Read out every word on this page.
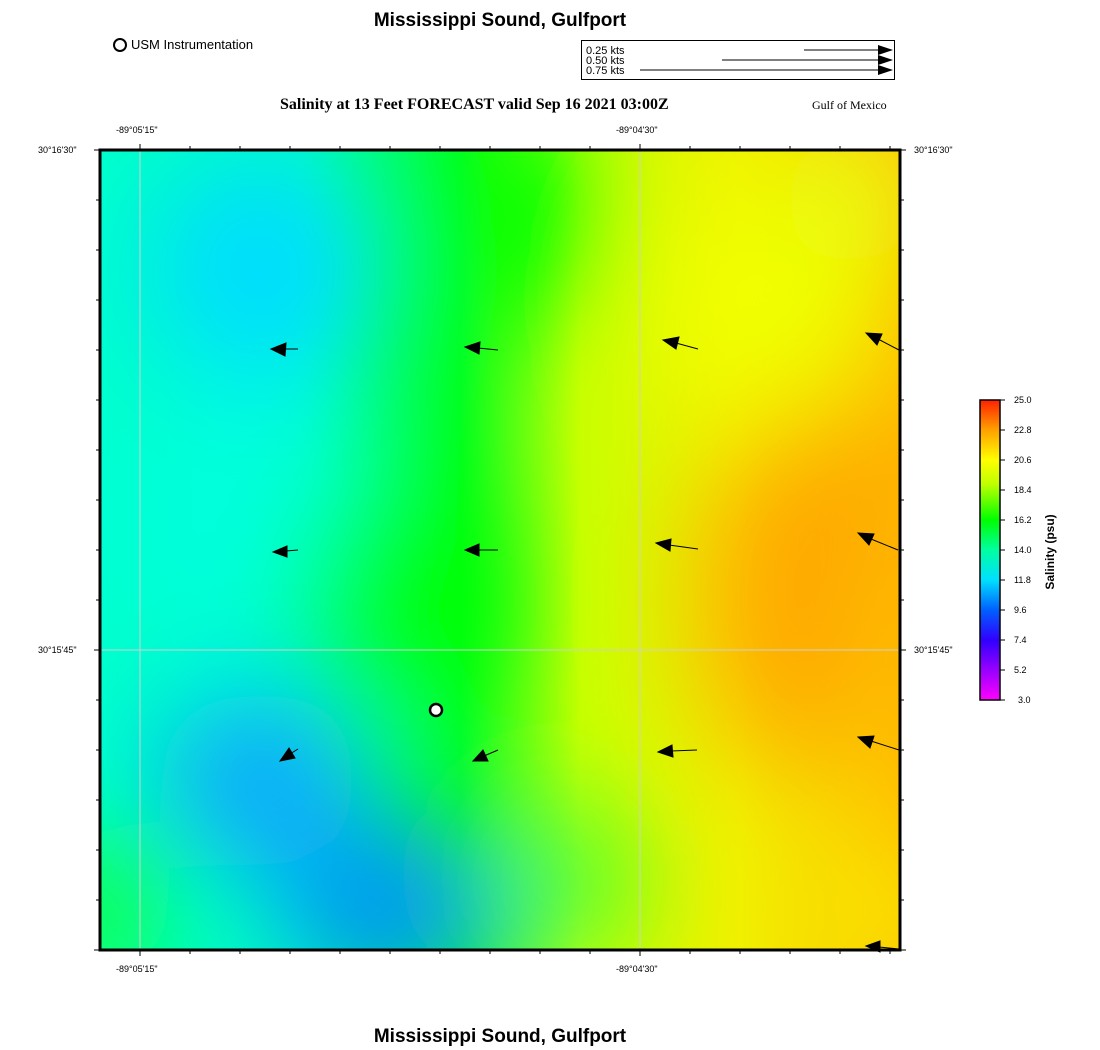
Mississippi Sound, Gulfport
USM Instrumentation	0.25 kts
0.50 kts
0.75 kts
Salinity at 13 Feet FORECAST valid Sep 16 2021 03:00Z	Gulf of Mexico
-89°05'15"	-89°04'30"
-89°05'15"	-89°04'30"
30°16'30"
30°15'45"
30°16'30"
30°15'45"
25.0
22.8
20.6
18.4
16.2
14.0
11.8
9.6
7.4
5.2
3.0
Salinity (psu)
Mississippi Sound, Gulfport
